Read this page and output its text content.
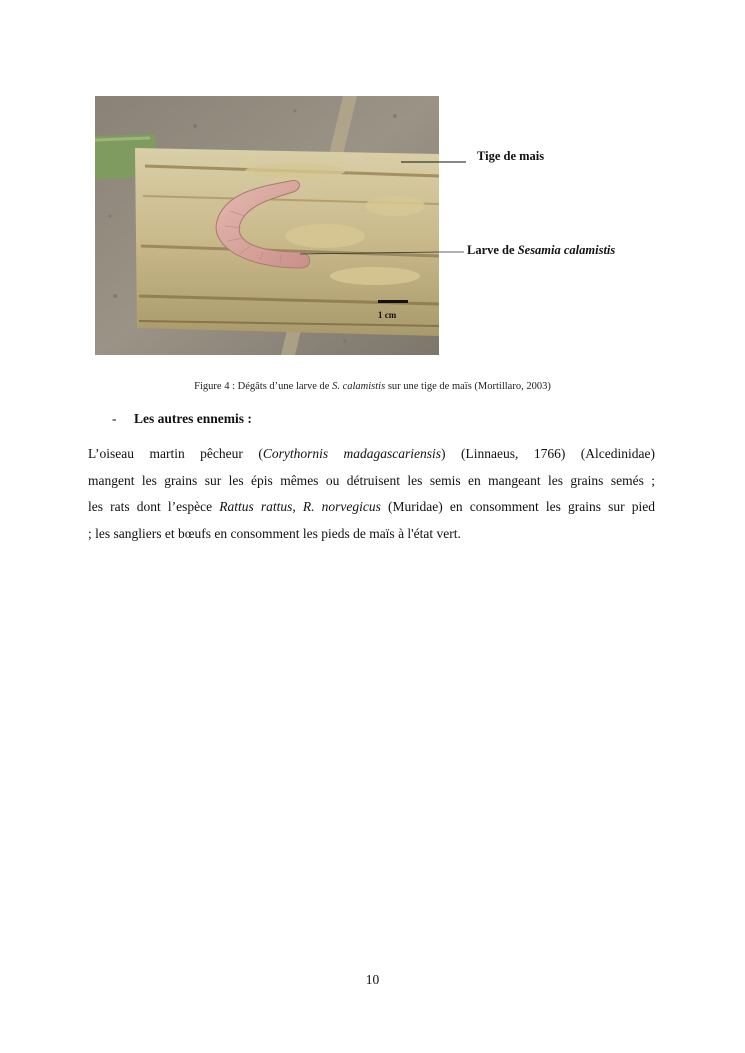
1 cm
Tige de mais
Larve de Sesamia calamistis
Figure 4 : Dégâts d’une larve de S. calamistis sur une tige de maïs (Mortillaro, 2003)
- Les autres ennemis :
L’oiseau martin pêcheur (Corythornis madagascariensis) (Linnaeus, 1766) (Alcedinidae)
mangent les grains sur les épis mêmes ou détruisent les semis en mangeant les grains semés ;
les rats dont l’espèce Rattus rattus, R. norvegicus (Muridae) en consomment les grains sur pied
; les sangliers et bœufs en consomment les pieds de maïs à l'état vert.
10
